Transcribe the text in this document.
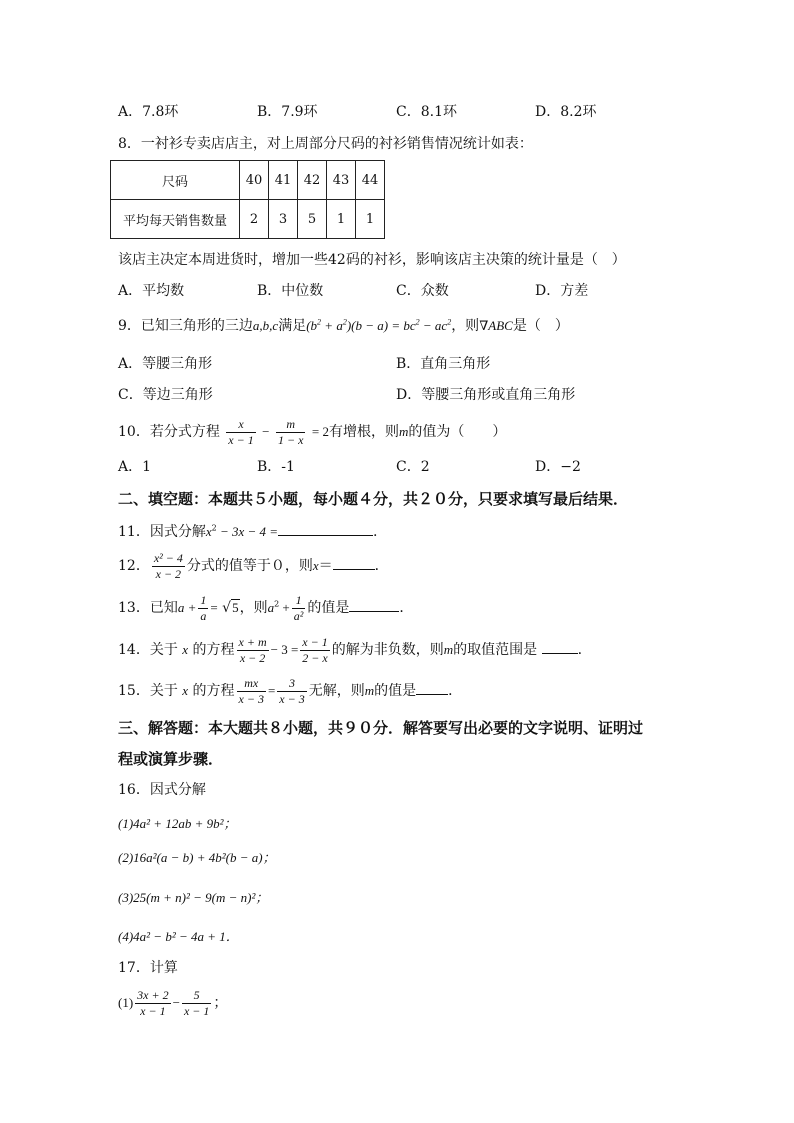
A．7.8环	B．7.9环	C．8.1环	D．8.2环
8．一衬衫专卖店店主，对上周部分尺码的衬衫销售情况统计如表：
尺码	40	41	42	43	44
平均每天销售数量	2	3	5	1	1
该店主决定本周进货时，增加一些42码的衬衫，影响该店主决策的统计量是（　）
A．平均数	B．中位数	C．众数	D．方差
9．已知三角形的三边a,b,c满足$(b^2 + a^2)(b - a) = bc^2 - ac^2$，则∇ABC是（　）
A．等腰三角形	B．直角三角形
C．等边三角形	D．等腰三角形或直角三角形
10．若分式方程 $\frac{x}{x - 1} - \frac{m}{1 - x} = 2$有增根，则m的值为（　　）
A．1	B．-1	C．2	D．−2
二、填空题：本题共５小题，每小题４分，共２０分，只要求填写最后结果．
11．因式分解$x^2 - 3x - 4$ =	.
12． $\frac{\text{x² − 4}}{x - 2}$ 分式的值等于０，则x＝	．
13．已知$a + \frac{1}{a} = √5$，则$a^2 + \frac{1}{\text{a²}}$ 的值是	．
14．关于 x 的方程 $\frac{x + m}{x - 2} - 3 = \frac{x - 1}{2 - x}$ 的解为非负数，则m的取值范围是	.
15．关于 x 的方程 $\frac{mx}{x - 3} = \frac{3}{x - 3}$ 无解，则m的值是 ．
三、解答题：本大题共８小题，共９０分．解答要写出必要的文字说明、证明过
程或演算步骤．
16．因式分解
(1)4a² + 12ab + 9b²；
(2)16a²(a − b) + 4b²(b − a)；
(3)25(m + n)² − 9(m − n)²；
(4)4a² − b² − 4a + 1．
17．计算
$(1) \frac{3x + 2}{x - 1} - \frac{5}{x - 1}$ ；
